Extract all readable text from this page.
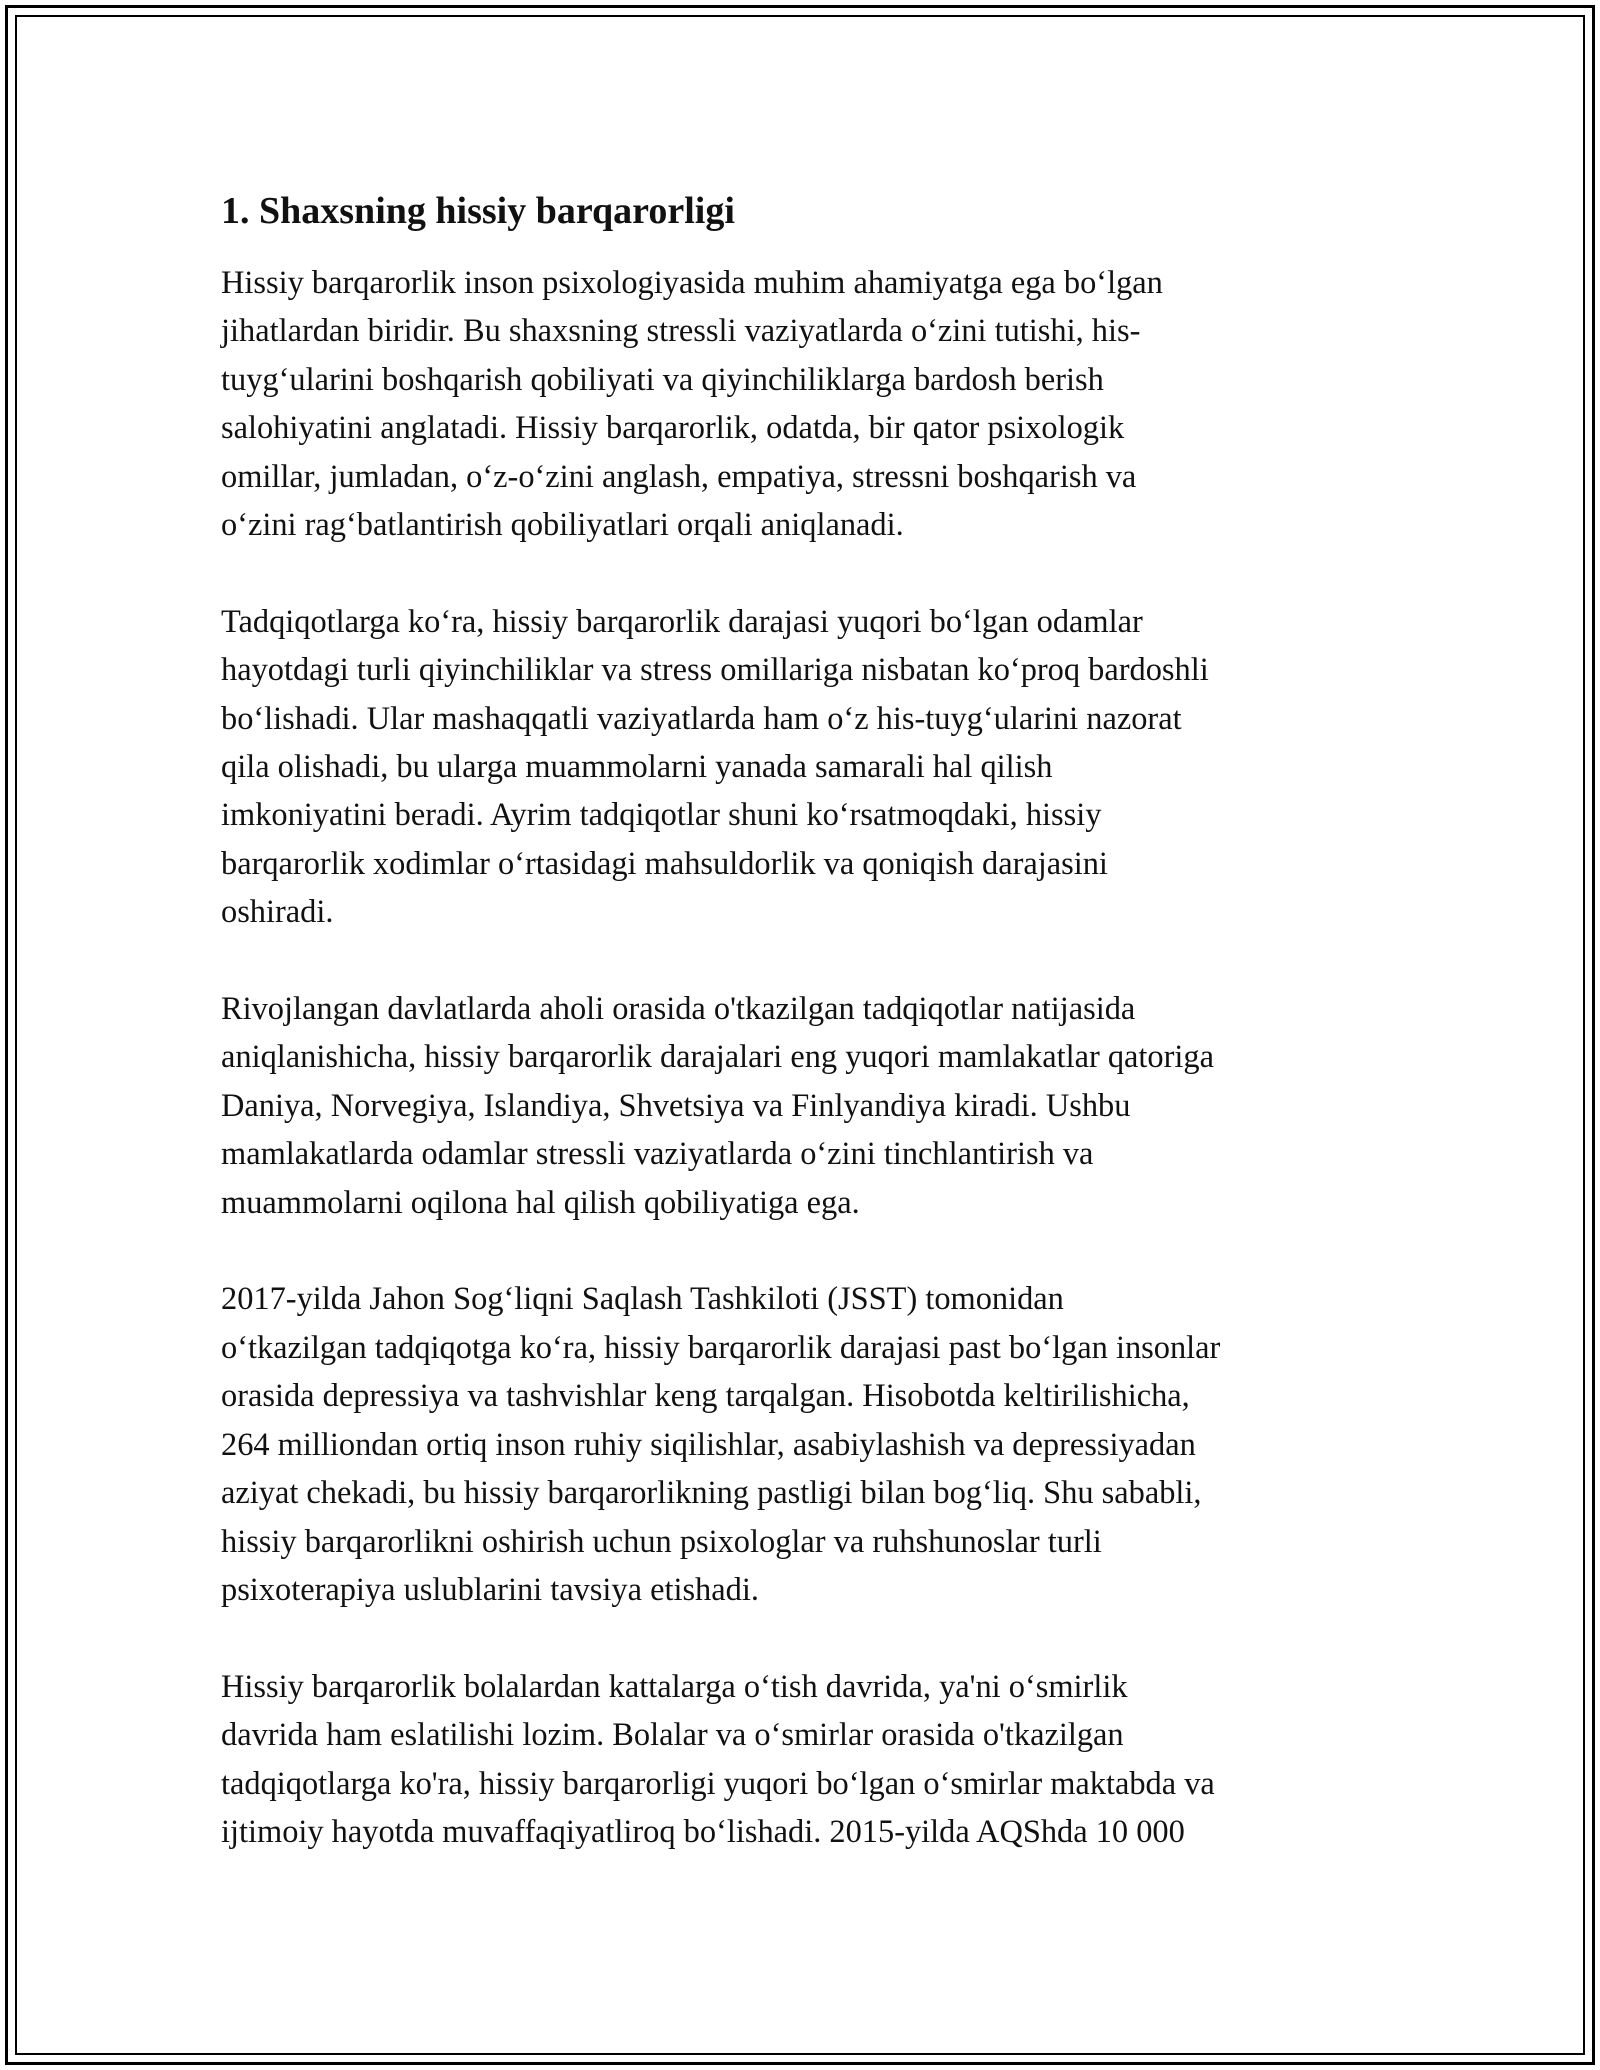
1. Shaxsning hissiy barqarorligi
Hissiy barqarorlik inson psixologiyasida muhim ahamiyatga ega bo‘lgan
jihatlardan biridir. Bu shaxsning stressli vaziyatlarda o‘zini tutishi, his-
tuyg‘ularini boshqarish qobiliyati va qiyinchiliklarga bardosh berish
salohiyatini anglatadi. Hissiy barqarorlik, odatda, bir qator psixologik
omillar, jumladan, o‘z-o‘zini anglash, empatiya, stressni boshqarish va
o‘zini rag‘batlantirish qobiliyatlari orqali aniqlanadi.
Tadqiqotlarga ko‘ra, hissiy barqarorlik darajasi yuqori bo‘lgan odamlar
hayotdagi turli qiyinchiliklar va stress omillariga nisbatan ko‘proq bardoshli
bo‘lishadi. Ular mashaqqatli vaziyatlarda ham o‘z his-tuyg‘ularini nazorat
qila olishadi, bu ularga muammolarni yanada samarali hal qilish
imkoniyatini beradi. Ayrim tadqiqotlar shuni ko‘rsatmoqdaki, hissiy
barqarorlik xodimlar o‘rtasidagi mahsuldorlik va qoniqish darajasini
oshiradi.
Rivojlangan davlatlarda aholi orasida o'tkazilgan tadqiqotlar natijasida
aniqlanishicha, hissiy barqarorlik darajalari eng yuqori mamlakatlar qatoriga
Daniya, Norvegiya, Islandiya, Shvetsiya va Finlyandiya kiradi. Ushbu
mamlakatlarda odamlar stressli vaziyatlarda o‘zini tinchlantirish va
muammolarni oqilona hal qilish qobiliyatiga ega.
2017-yilda Jahon Sog‘liqni Saqlash Tashkiloti (JSST) tomonidan
o‘tkazilgan tadqiqotga ko‘ra, hissiy barqarorlik darajasi past bo‘lgan insonlar
orasida depressiya va tashvishlar keng tarqalgan. Hisobotda keltirilishicha,
264 milliondan ortiq inson ruhiy siqilishlar, asabiylashish va depressiyadan
aziyat chekadi, bu hissiy barqarorlikning pastligi bilan bog‘liq. Shu sababli,
hissiy barqarorlikni oshirish uchun psixologlar va ruhshunoslar turli
psixoterapiya uslublarini tavsiya etishadi.
Hissiy barqarorlik bolalardan kattalarga o‘tish davrida, ya'ni o‘smirlik
davrida ham eslatilishi lozim. Bolalar va o‘smirlar orasida o'tkazilgan
tadqiqotlarga ko'ra, hissiy barqarorligi yuqori bo‘lgan o‘smirlar maktabda va
ijtimoiy hayotda muvaffaqiyatliroq bo‘lishadi. 2015-yilda AQShda 10 000
